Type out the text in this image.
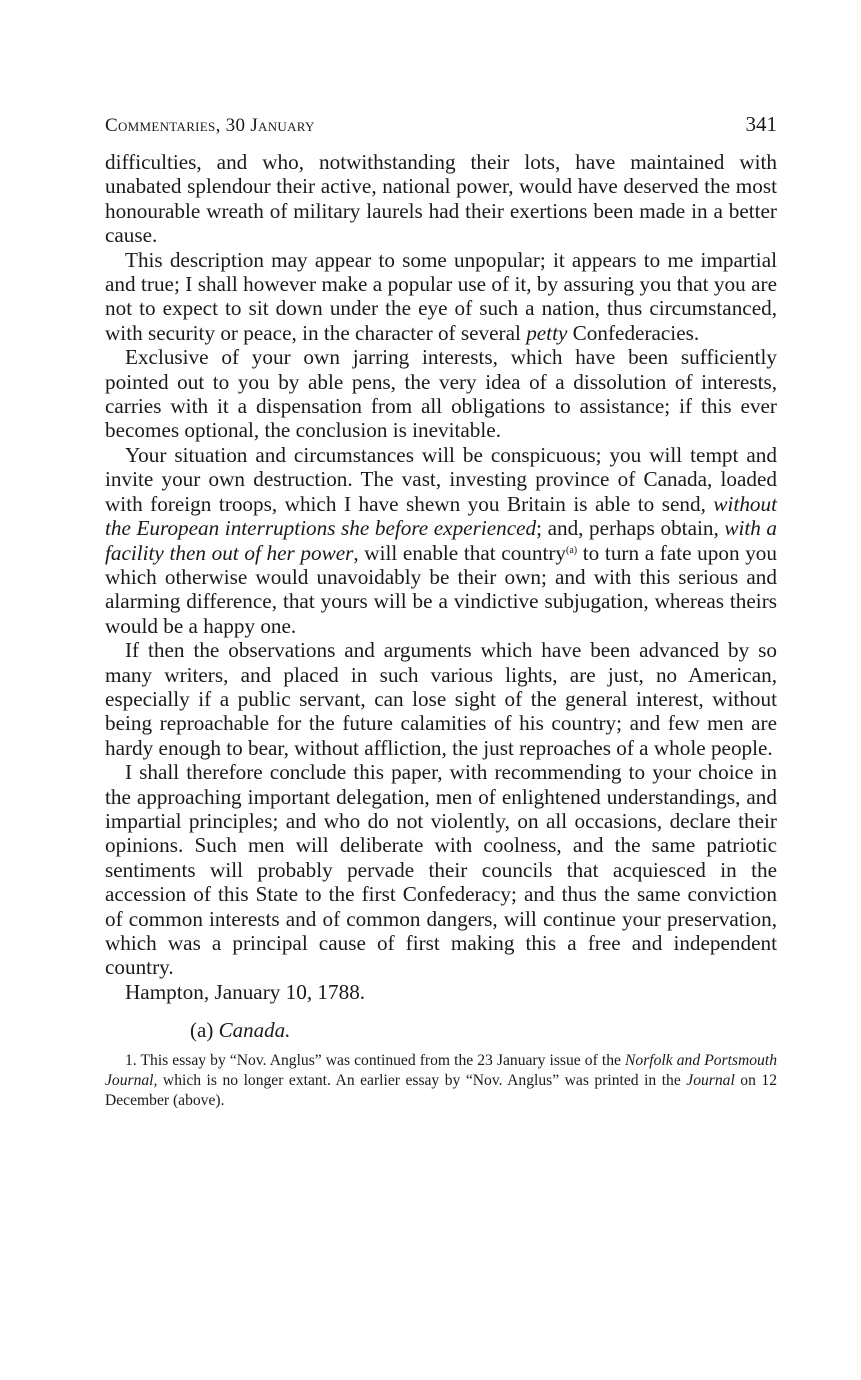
Commentaries, 30 January	341

difficulties, and who, notwithstanding their lots, have maintained with unabated splendour their active, national power, would have deserved the most honourable wreath of military laurels had their exertions been made in a better cause.

This description may appear to some unpopular; it appears to me impartial and true; I shall however make a popular use of it, by assuring you that you are not to expect to sit down under the eye of such a nation, thus circumstanced, with security or peace, in the character of several petty Confederacies.

Exclusive of your own jarring interests, which have been sufficiently pointed out to you by able pens, the very idea of a dissolution of interests, carries with it a dispensation from all obligations to assistance; if this ever becomes optional, the conclusion is inevitable.

Your situation and circumstances will be conspicuous; you will tempt and invite your own destruction. The vast, investing province of Canada, loaded with foreign troops, which I have shewn you Britain is able to send, without the European interruptions she before experienced; and, perhaps obtain, with a facility then out of her power, will enable that country$^{(a)}$ to turn a fate upon you which otherwise would unavoidably be their own; and with this serious and alarming difference, that yours will be a vindictive subjugation, whereas theirs would be a happy one.

If then the observations and arguments which have been advanced by so many writers, and placed in such various lights, are just, no American, especially if a public servant, can lose sight of the general interest, without being reproachable for the future calamities of his country; and few men are hardy enough to bear, without affliction, the just reproaches of a whole people.

I shall therefore conclude this paper, with recommending to your choice in the approaching important delegation, men of enlightened understandings, and impartial principles; and who do not violently, on all occasions, declare their opinions. Such men will deliberate with coolness, and the same patriotic sentiments will probably pervade their councils that acquiesced in the accession of this State to the first Confederacy; and thus the same conviction of common interests and of common dangers, will continue your preservation, which was a principal cause of first making this a free and independent country.

Hampton, January 10, 1788.

(a) Canada.
1. This essay by “Nov. Anglus” was continued from the 23 January issue of the Norfolk and Portsmouth Journal, which is no longer extant. An earlier essay by “Nov. Anglus” was printed in the Journal on 12 December (above).
